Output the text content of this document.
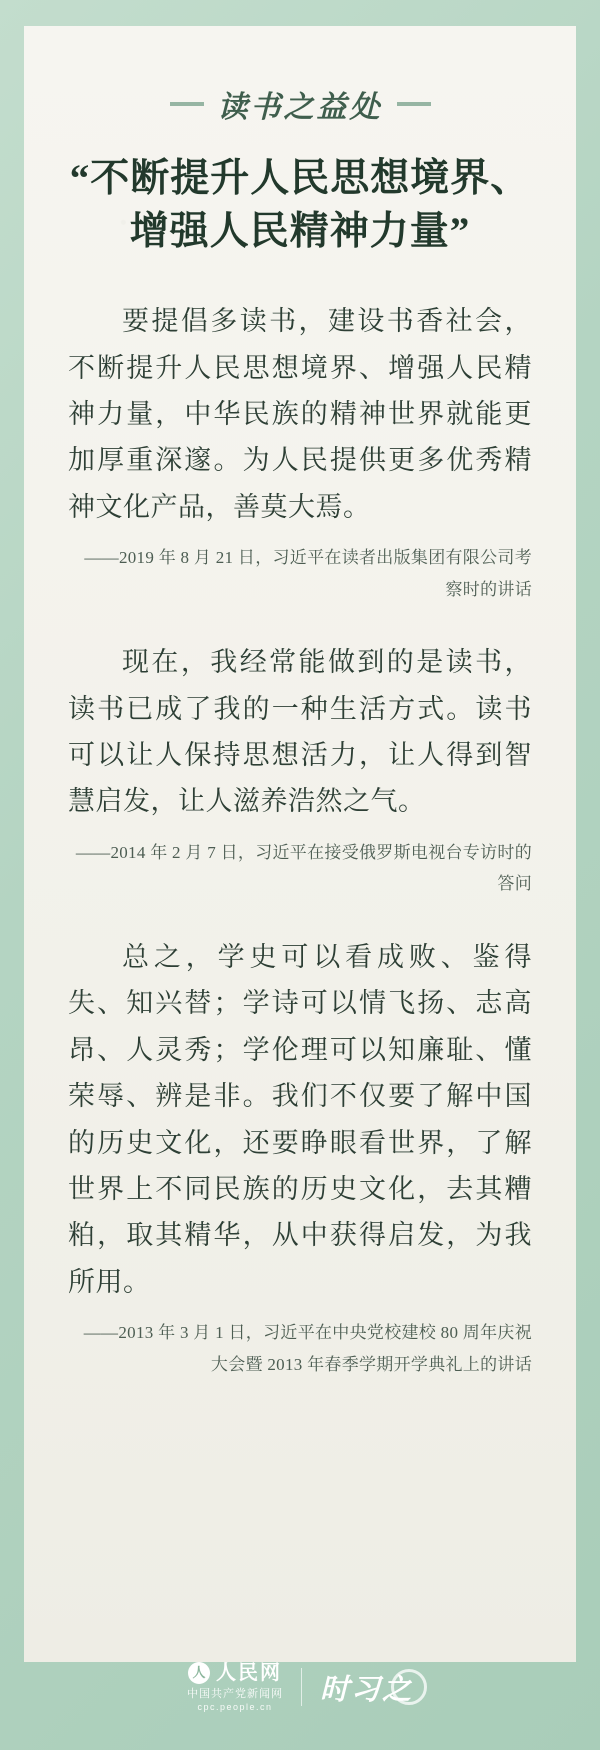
读书之益处
“不断提升人民思想境界、
增强人民精神力量”

要提倡多读书，建设书香社会，不断提升人民思想境界、增强人民精神力量，中华民族的精神世界就能更加厚重深邃。为人民提供更多优秀精神文化产品，善莫大焉。

——2019 年 8 月 21 日，习近平在读者出版集团有限公司考察时的讲话

现在，我经常能做到的是读书，读书已成了我的一种生活方式。读书可以让人保持思想活力，让人得到智慧启发，让人滋养浩然之气。

——2014 年 2 月 7 日，习近平在接受俄罗斯电视台专访时的答问

总之，学史可以看成败、鉴得失、知兴替；学诗可以情飞扬、志高昂、人灵秀；学伦理可以知廉耻、懂荣辱、辨是非。我们不仅要了解中国的历史文化，还要睁眼看世界，了解世界上不同民族的历史文化，去其糟粕，取其精华，从中获得启发，为我所用。

——2013 年 3 月 1 日，习近平在中央党校建校 80 周年庆祝大会暨 2013 年春季学期开学典礼上的讲话

人 人民网
中国共产党新闻网
cpc.people.cn
时习之
